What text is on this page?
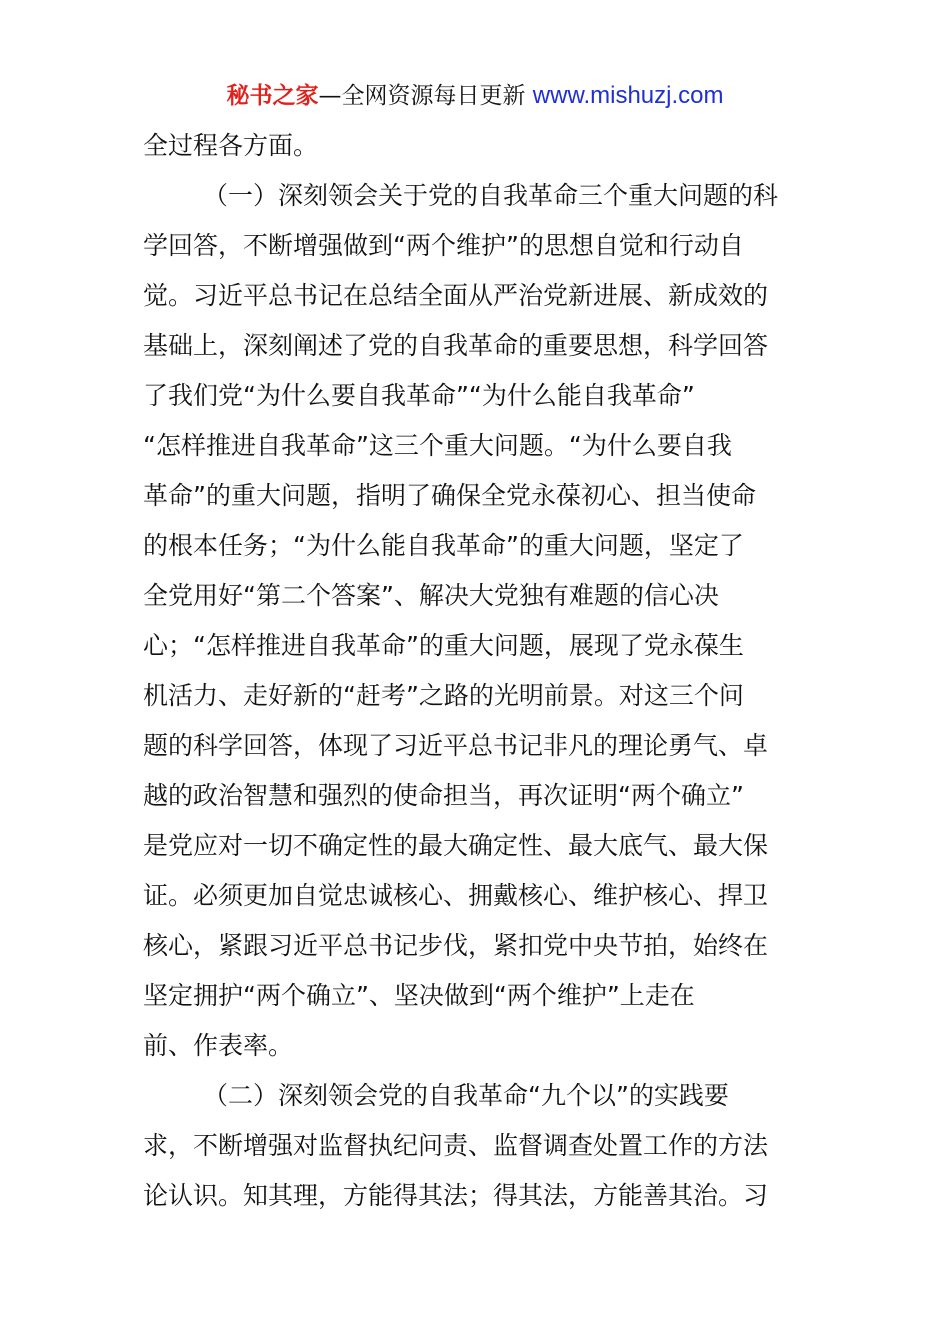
秘书之家—全网资源每日更新 www.mishuzj.com
全过程各方面。
（一）深刻领会关于党的自我革命三个重大问题的科
学回答，不断增强做到“两个维护”的思想自觉和行动自
觉。习近平总书记在总结全面从严治党新进展、新成效的
基础上，深刻阐述了党的自我革命的重要思想，科学回答
了我们党“为什么要自我革命”“为什么能自我革命”
“怎样推进自我革命”这三个重大问题。“为什么要自我
革命”的重大问题，指明了确保全党永葆初心、担当使命
的根本任务；“为什么能自我革命”的重大问题，坚定了
全党用好“第二个答案”、解决大党独有难题的信心决
心；“怎样推进自我革命”的重大问题，展现了党永葆生
机活力、走好新的“赶考”之路的光明前景。对这三个问
题的科学回答，体现了习近平总书记非凡的理论勇气、卓
越的政治智慧和强烈的使命担当，再次证明“两个确立”
是党应对一切不确定性的最大确定性、最大底气、最大保
证。必须更加自觉忠诚核心、拥戴核心、维护核心、捍卫
核心，紧跟习近平总书记步伐，紧扣党中央节拍，始终在
坚定拥护“两个确立”、坚决做到“两个维护”上走在
前、作表率。
（二）深刻领会党的自我革命“九个以”的实践要
求，不断增强对监督执纪问责、监督调查处置工作的方法
论认识。知其理，方能得其法；得其法，方能善其治。习
